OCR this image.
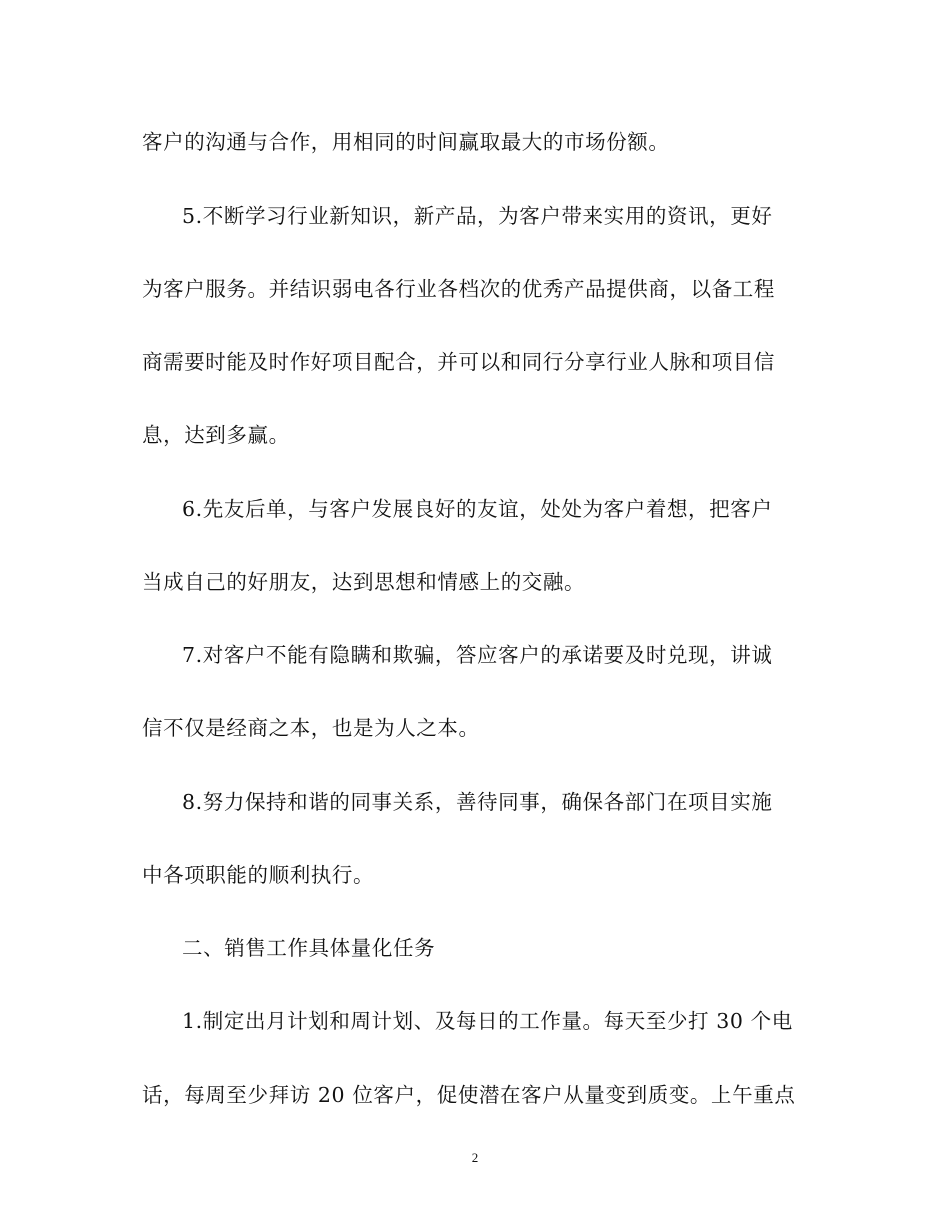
客户的沟通与合作，用相同的时间赢取最大的市场份额。
5.不断学习行业新知识，新产品，为客户带来实用的资讯，更好
为客户服务。并结识弱电各行业各档次的优秀产品提供商，以备工程
商需要时能及时作好项目配合，并可以和同行分享行业人脉和项目信
息，达到多赢。
6.先友后单，与客户发展良好的友谊，处处为客户着想，把客户
当成自己的好朋友，达到思想和情感上的交融。
7.对客户不能有隐瞒和欺骗，答应客户的承诺要及时兑现，讲诚
信不仅是经商之本，也是为人之本。
8.努力保持和谐的同事关系，善待同事，确保各部门在项目实施
中各项职能的顺利执行。
二、销售工作具体量化任务
1.制定出月计划和周计划、及每日的工作量。每天至少打 30 个电
话，每周至少拜访 20 位客户，促使潜在客户从量变到质变。上午重点
2
